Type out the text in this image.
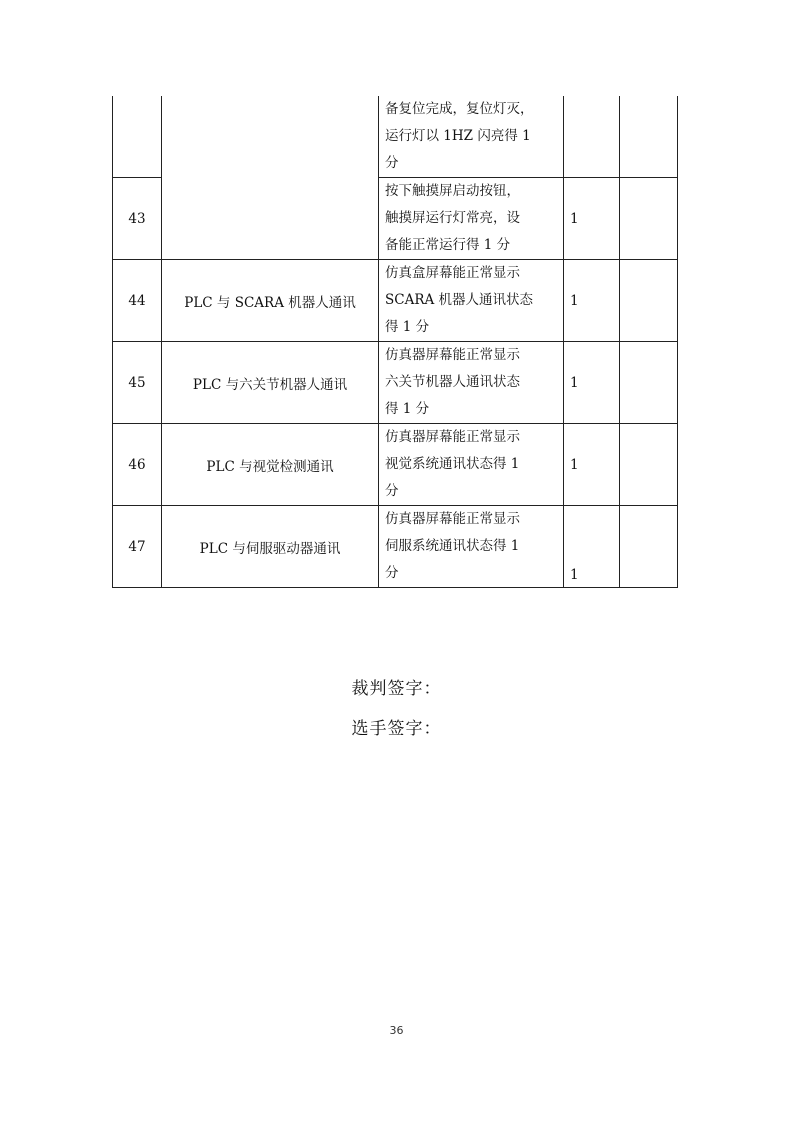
		备复位完成，复位灯灭，
运行灯以 1HZ 闪亮得 1
分		

43		按下触摸屏启动按钮，
触摸屏运行灯常亮，设
备能正常运行得 1 分	1	
44	PLC 与 SCARA 机器人通讯	仿真盒屏幕能正常显示
SCARA 机器人通讯状态
得 1 分	1	
45	PLC 与六关节机器人通讯	仿真器屏幕能正常显示
六关节机器人通讯状态
得 1 分	1	
46	PLC 与视觉检测通讯	仿真器屏幕能正常显示
视觉系统通讯状态得 1
分	1	
47	PLC 与伺服驱动器通讯	仿真器屏幕能正常显示
伺服系统通讯状态得 1
分	1	
裁判签字：
选手签字：
36
